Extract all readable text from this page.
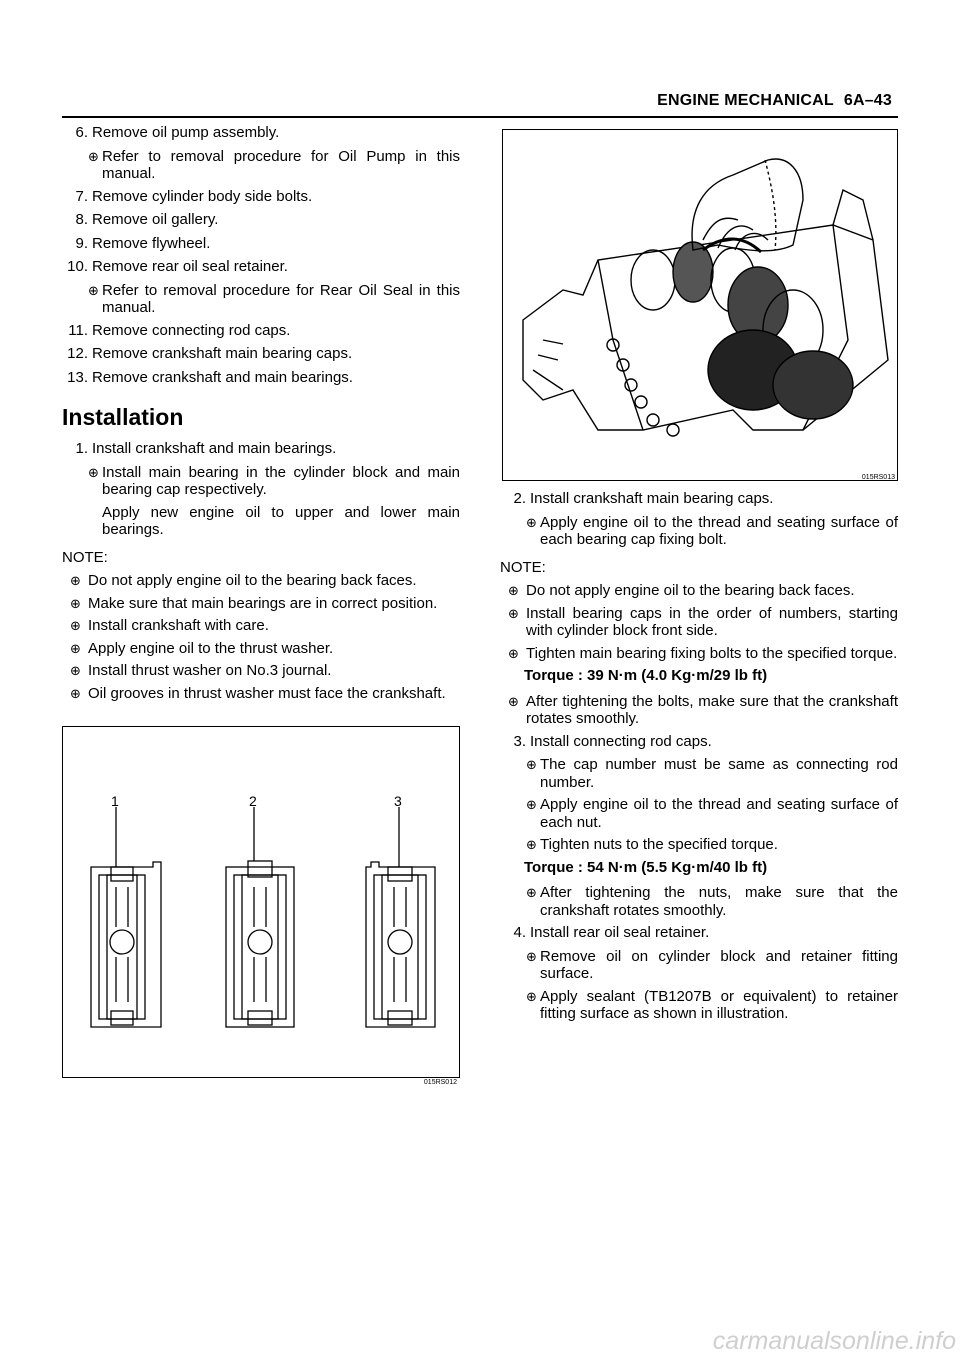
ENGINE MECHANICAL 6A–43
6. Remove oil pump assembly.
⊕ Refer to removal procedure for Oil Pump in this manual.
7. Remove cylinder body side bolts.
8. Remove oil gallery.
9. Remove flywheel.
10. Remove rear oil seal retainer.
⊕ Refer to removal procedure for Rear Oil Seal in this manual.
11. Remove connecting rod caps.
12. Remove crankshaft main bearing caps.
13. Remove crankshaft and main bearings.
Installation
1. Install crankshaft and main bearings.
⊕ Install main bearing in the cylinder block and main bearing cap respectively.
Apply new engine oil to upper and lower main bearings.
NOTE:
⊕ Do not apply engine oil to the bearing back faces.
⊕ Make sure that main bearings are in correct position.
⊕ Install crankshaft with care.
⊕ Apply engine oil to the thrust washer.
⊕ Install thrust washer on No.3 journal.
⊕ Oil grooves in thrust washer must face the crankshaft.
015RS013
2. Install crankshaft main bearing caps.
⊕ Apply engine oil to the thread and seating surface of each bearing cap fixing bolt.
NOTE:
⊕ Do not apply engine oil to the bearing back faces.
⊕ Install bearing caps in the order of numbers, starting with cylinder block front side.
⊕ Tighten main bearing fixing bolts to the specified torque.
Torque : 39 N·m (4.0 Kg·m/29 lb ft)
⊕ After tightening the bolts, make sure that the crankshaft rotates smoothly.
3. Install connecting rod caps.
⊕ The cap number must be same as connecting rod number.
⊕ Apply engine oil to the thread and seating surface of each nut.
⊕ Tighten nuts to the specified torque.
Torque : 54 N·m (5.5 Kg·m/40 lb ft)
⊕ After tightening the nuts, make sure that the crankshaft rotates smoothly.
4. Install rear oil seal retainer.
⊕ Remove oil on cylinder block and retainer fitting surface.
⊕ Apply sealant (TB1207B or equivalent) to retainer fitting surface as shown in illustration.
1	2	3
015RS012
carmanualsonline.info
